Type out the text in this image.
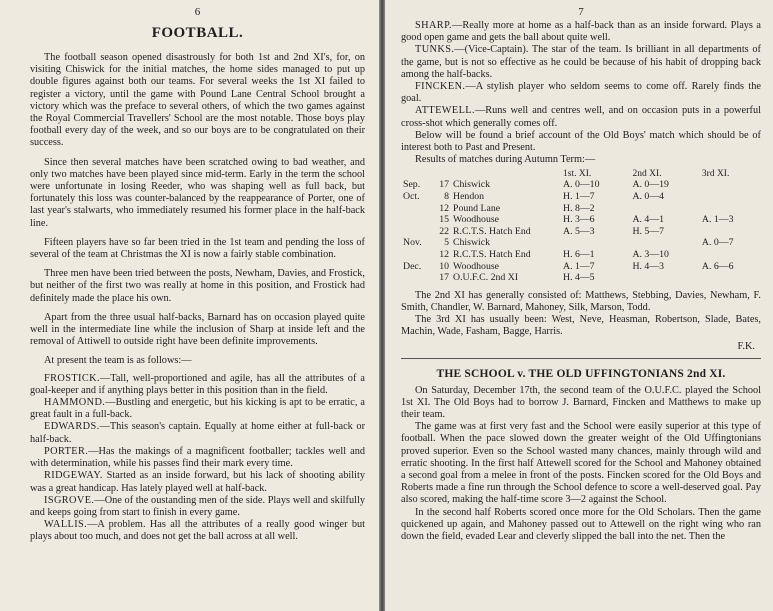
6
FOOTBALL.

The football season opened disastrously for both 1st and 2nd XI's, for, on visiting Chiswick for the initial matches, the home sides managed to put up double figures against both our teams. For several weeks the 1st XI failed to register a victory, until the game with Pound Lane Central School brought a victory which was the preface to several others, of which the two games against the Royal Commercial Travellers' School are the most notable. Those boys play football every day of the week, and so our boys are to be congratulated on their success.

Since then several matches have been scratched owing to bad weather, and only two matches have been played since mid-term. Early in the term the school were unfortunate in losing Reeder, who was shaping well as full back, but fortunately this loss was counter-balanced by the reappearance of Porter, one of last year's stalwarts, who immediately resumed his former place in the half-back line.

Fifteen players have so far been tried in the 1st team and pending the loss of several of the team at Christmas the XI is now a fairly stable combination.

Three men have been tried between the posts, Newham, Davies, and Frostick, but neither of the first two was really at home in this position, and Frostick had definitely made the place his own.

Apart from the three usual half-backs, Barnard has on occasion played quite well in the intermediate line while the inclusion of Sharp at inside left and the removal of Attiwell to outside right have been definite improvements.

At present the team is as follows:—

FROSTICK.—Tall, well-proportioned and agile, has all the attributes of a goal-keeper and if anything plays better in this position than in the field.
HAMMOND.—Bustling and energetic, but his kicking is apt to be erratic, a great fault in a full-back.
EDWARDS.—This season's captain. Equally at home either at full-back or half-back.
PORTER.—Has the makings of a magnificent footballer; tackles well and with determination, while his passes find their mark every time.
RIDGEWAY. Started as an inside forward, but his lack of shooting ability was a great handicap. Has lately played well at half-back.
ISGROVE.—One of the oustanding men of the side. Plays well and skilfully and keeps going from start to finish in every game.
WALLIS.—A problem. Has all the attributes of a really good winger but plays about too much, and does not get the ball across at all well.
7
SHARP.—Really more at home as a half-back than as an inside forward. Plays a good open game and gets the ball about quite well.
TUNKS.—(Vice-Captain). The star of the team. Is brilliant in all departments of the game, but is not so effective as he could be because of his habit of dropping back among the half-backs.
FINCKEN.—A stylish player who seldom seems to come off. Rarely finds the goal.
ATTEWELL.—Runs well and centres well, and on occasion puts in a powerful cross-shot which generally comes off.

Below will be found a brief account of the Old Boys' match which should be of interest both to Past and Present.

Results of matches during Autumn Term:—

			1st. XI.	2nd XI.	3rd XI.
Sep.	17	Chiswick	A. 0—10	A. 0—19	
Oct.	8	Hendon	H. 1—7	A. 0—4	
	12	Pound Lane	H. 8—2		
	15	Woodhouse	H. 3—6	A. 4—1	A. 1—3
	22	R.C.T.S. Hatch End	A. 5—3	H. 5—7	
Nov.	5	Chiswick			A. 0—7
	12	R.C.T.S. Hatch End	H. 6—1	A. 3—10	
Dec.	10	Woodhouse	A. 1—7	H. 4—3	A. 6—6
	17	O.U.F.C. 2nd XI	H. 4—5		

The 2nd XI has generally consisted of: Matthews, Stebbing, Davies, Newham, F. Smith, Chandler, W. Barnard, Mahoney, Silk, Marson, Todd.

The 3rd XI has usually been: West, Neve, Heasman, Robertson, Slade, Bates, Machin, Wade, Fasham, Bagge, Harris.

F.K.
THE SCHOOL v. THE OLD UFFINGTONIANS 2nd XI.

On Saturday, December 17th, the second team of the O.U.F.C. played the School 1st XI. The Old Boys had to borrow J. Barnard, Fincken and Matthews to make up their team.

The game was at first very fast and the School were easily superior at this type of football. When the pace slowed down the greater weight of the Old Uffingtonians proved superior. Even so the School wasted many chances, mainly through wild and erratic shooting. In the first half Attewell scored for the School and Mahoney obtained a second goal from a melee in front of the posts. Fincken scored for the Old Boys and Roberts made a fine run through the School defence to score a well-deserved goal. Pay also scored, making the half-time score 3—2 against the School.

In the second half Roberts scored once more for the Old Scholars. Then the game quickened up again, and Mahoney passed out to Attewell on the right wing who ran down the field, evaded Lear and cleverly slipped the ball into the net. Then the
